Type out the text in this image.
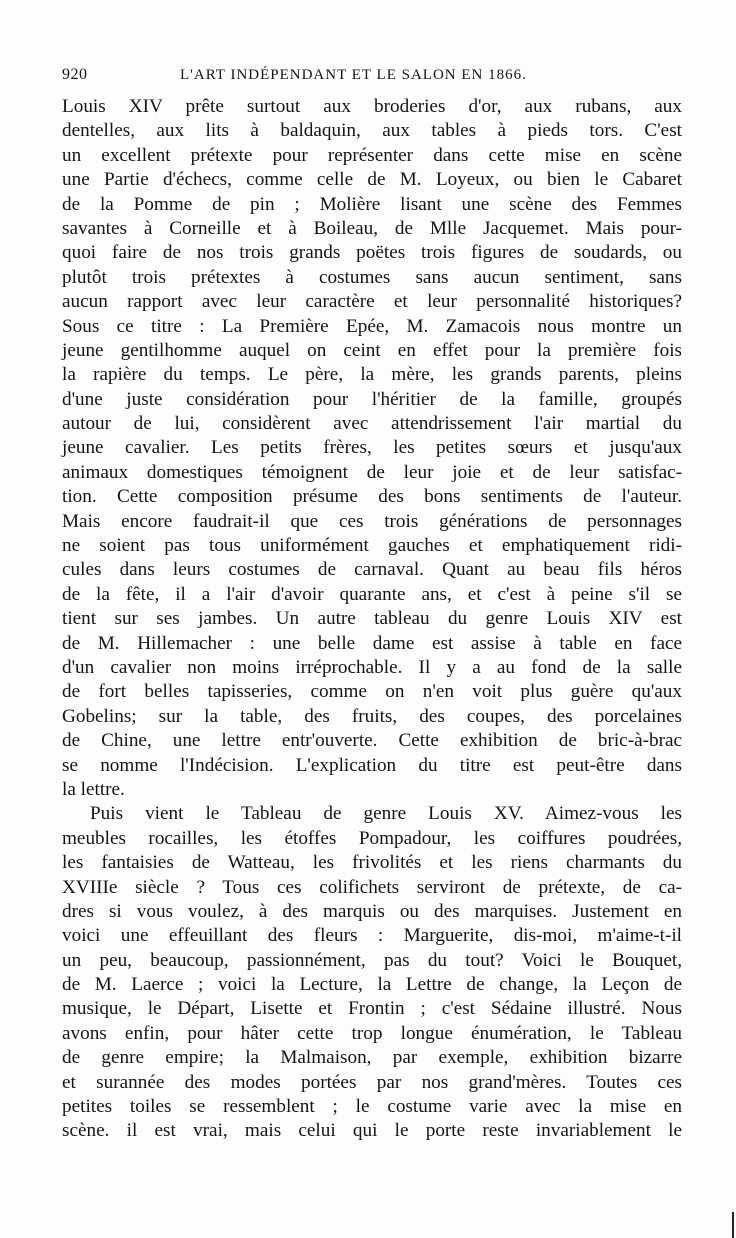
920	L'ART INDÉPENDANT ET LE SALON EN 1866.
Louis XIV prête surtout aux broderies d'or, aux rubans, aux
dentelles, aux lits à baldaquin, aux tables à pieds tors. C'est
un excellent prétexte pour représenter dans cette mise en scène
une Partie d'échecs, comme celle de M. Loyeux, ou bien le Cabaret
de la Pomme de pin ; Molière lisant une scène des Femmes
savantes à Corneille et à Boileau, de Mlle Jacquemet. Mais pour-
quoi faire de nos trois grands poëtes trois figures de soudards, ou
plutôt trois prétextes à costumes sans aucun sentiment, sans
aucun rapport avec leur caractère et leur personnalité historiques?
Sous ce titre : La Première Epée, M. Zamacois nous montre un
jeune gentilhomme auquel on ceint en effet pour la première fois
la rapière du temps. Le père, la mère, les grands parents, pleins
d'une juste considération pour l'héritier de la famille, groupés
autour de lui, considèrent avec attendrissement l'air martial du
jeune cavalier. Les petits frères, les petites sœurs et jusqu'aux
animaux domestiques témoignent de leur joie et de leur satisfac-
tion. Cette composition présume des bons sentiments de l'auteur.
Mais encore faudrait-il que ces trois générations de personnages
ne soient pas tous uniformément gauches et emphatiquement ridi-
cules dans leurs costumes de carnaval. Quant au beau fils héros
de la fête, il a l'air d'avoir quarante ans, et c'est à peine s'il se
tient sur ses jambes. Un autre tableau du genre Louis XIV est
de M. Hillemacher : une belle dame est assise à table en face
d'un cavalier non moins irréprochable. Il y a au fond de la salle
de fort belles tapisseries, comme on n'en voit plus guère qu'aux
Gobelins; sur la table, des fruits, des coupes, des porcelaines
de Chine, une lettre entr'ouverte. Cette exhibition de bric-à-brac
se nomme l'Indécision. L'explication du titre est peut-être dans
la lettre.
Puis vient le Tableau de genre Louis XV. Aimez-vous les
meubles rocailles, les étoffes Pompadour, les coiffures poudrées,
les fantaisies de Watteau, les frivolités et les riens charmants du
XVIIIe siècle ? Tous ces colifichets serviront de prétexte, de ca-
dres si vous voulez, à des marquis ou des marquises. Justement en
voici une effeuillant des fleurs : Marguerite, dis-moi, m'aime-t-il
un peu, beaucoup, passionnément, pas du tout? Voici le Bouquet,
de M. Laerce ; voici la Lecture, la Lettre de change, la Leçon de
musique, le Départ, Lisette et Frontin ; c'est Sédaine illustré. Nous
avons enfin, pour hâter cette trop longue énumération, le Tableau
de genre empire; la Malmaison, par exemple, exhibition bizarre
et surannée des modes portées par nos grand'mères. Toutes ces
petites toiles se ressemblent ; le costume varie avec la mise en
scène. il est vrai, mais celui qui le porte reste invariablement le
